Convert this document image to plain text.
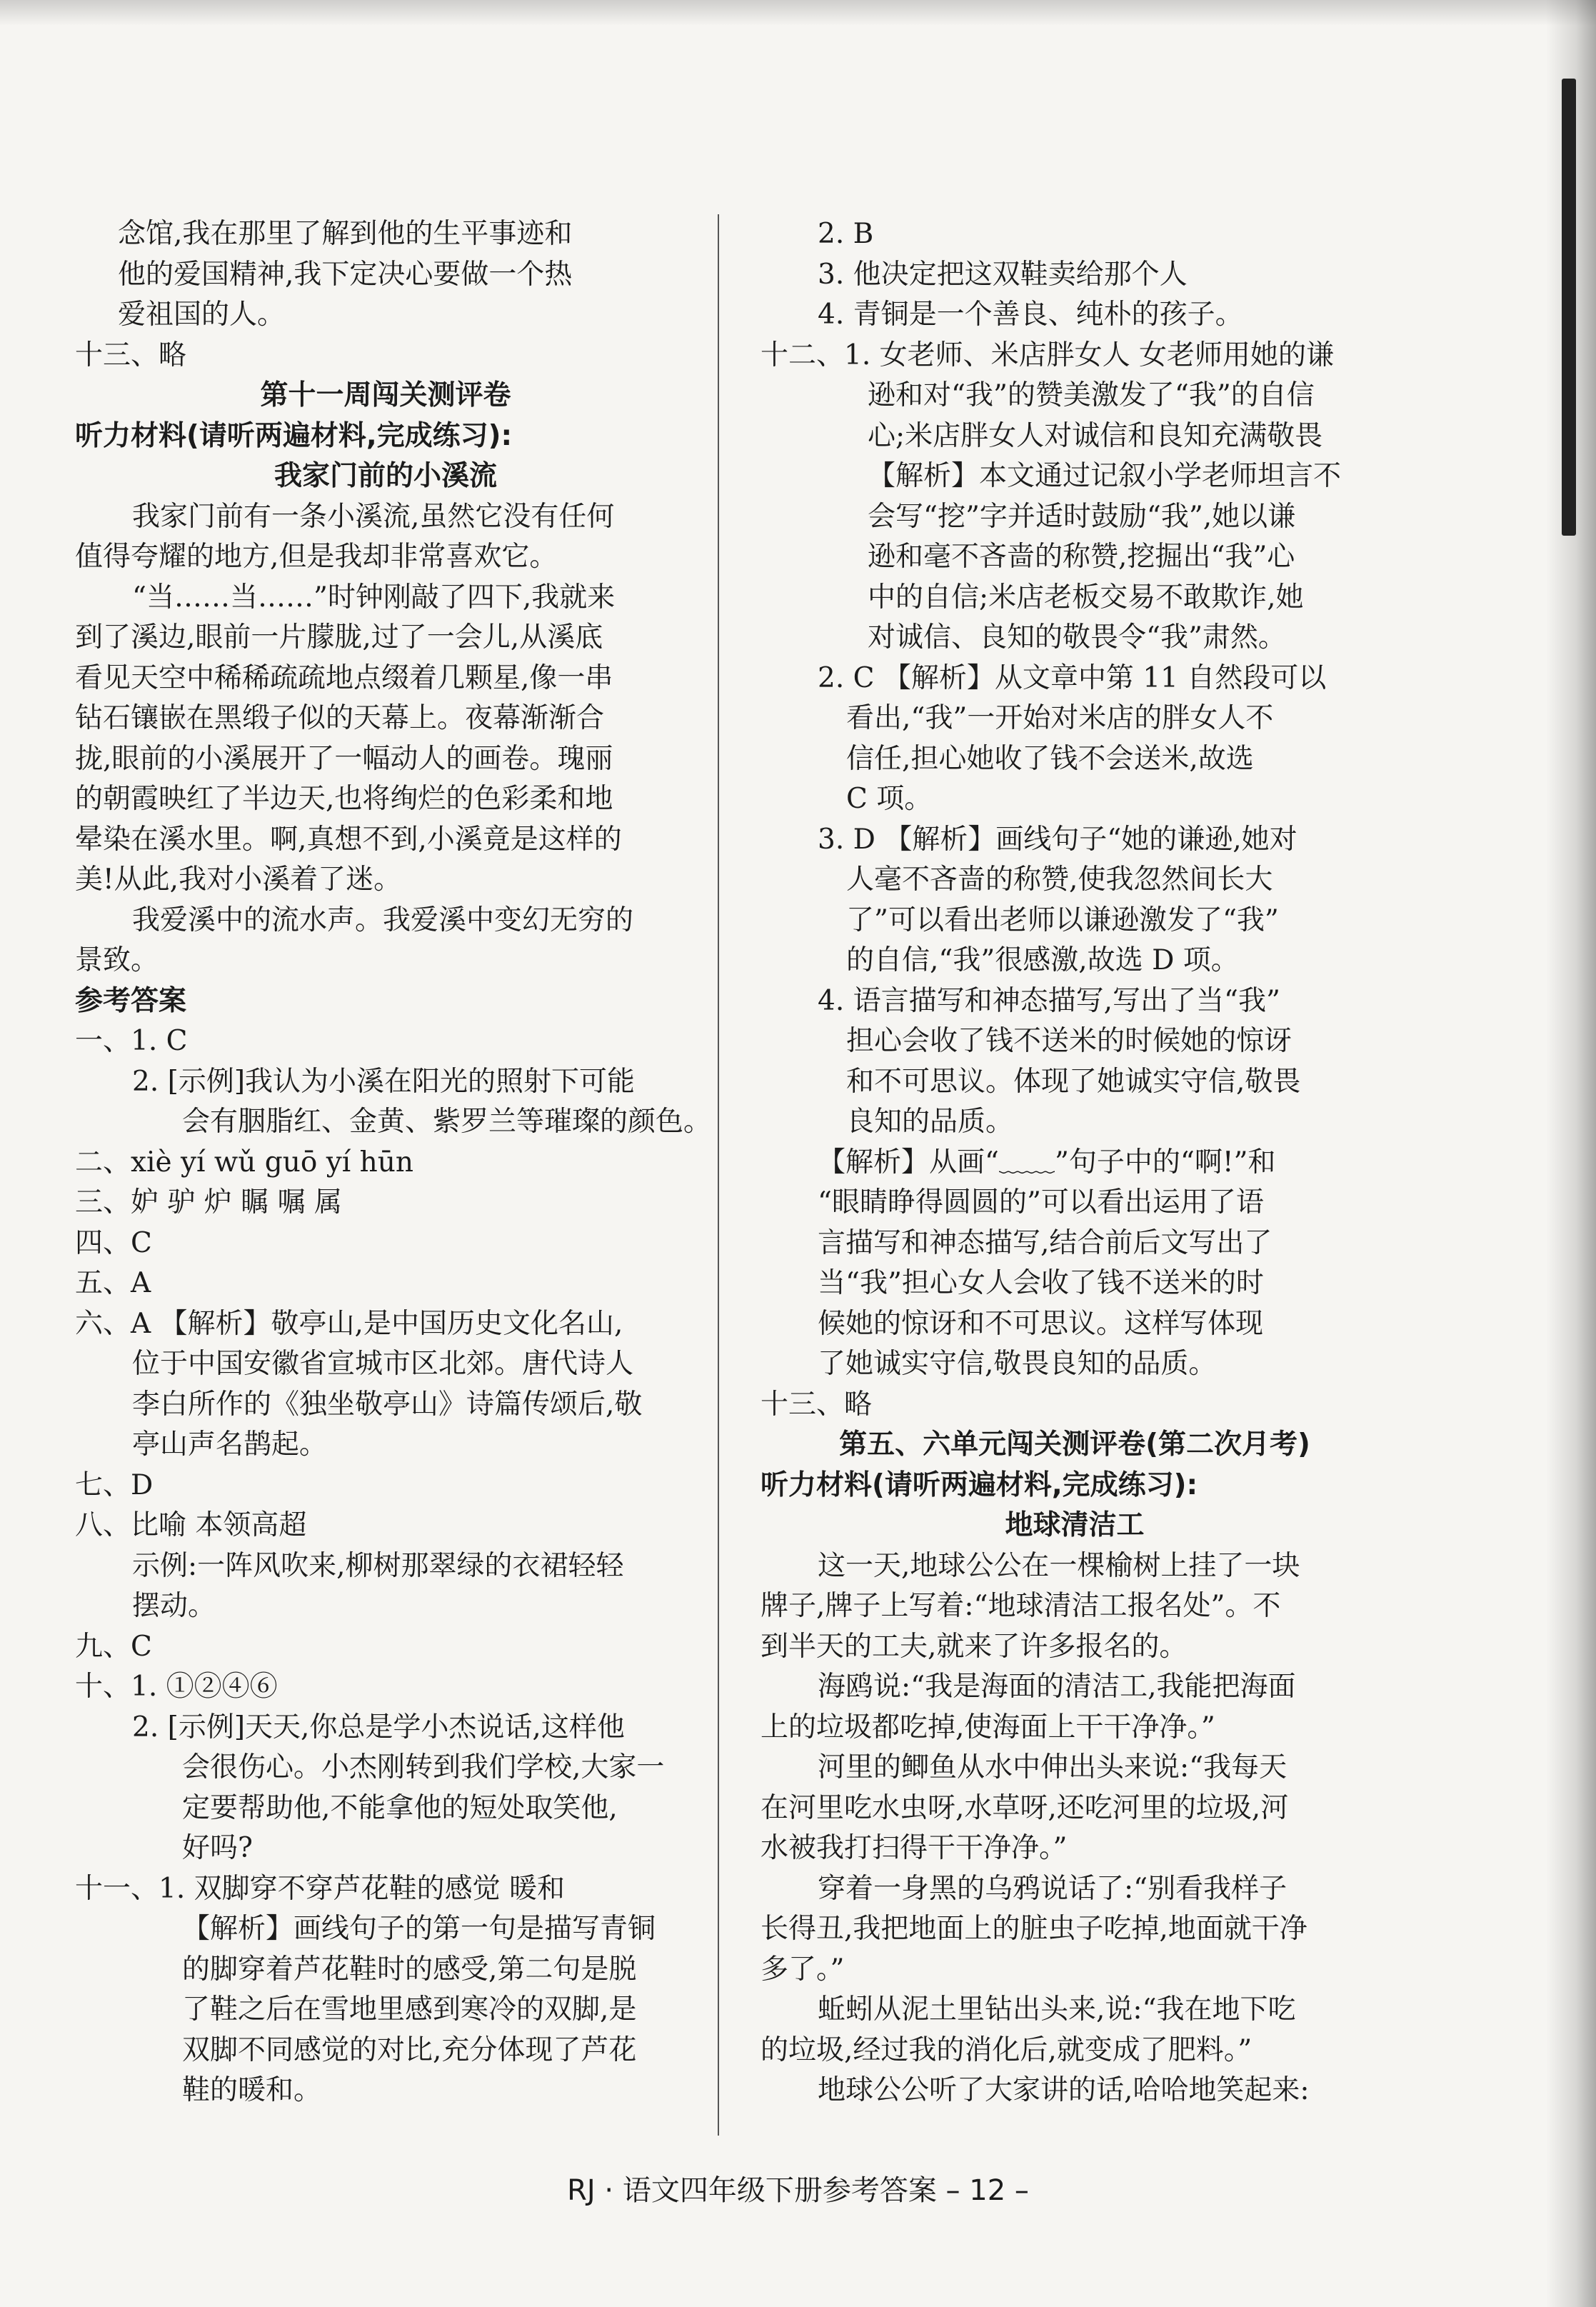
念馆,我在那里了解到他的生平事迹和
他的爱国精神,我下定决心要做一个热
爱祖国的人。
十三、略
第十一周闯关测评卷
听力材料(请听两遍材料,完成练习):
我家门前的小溪流
我家门前有一条小溪流,虽然它没有任何
值得夸耀的地方,但是我却非常喜欢它。
“当……当……”时钟刚敲了四下,我就来
到了溪边,眼前一片朦胧,过了一会儿,从溪底
看见天空中稀稀疏疏地点缀着几颗星,像一串
钻石镶嵌在黑缎子似的天幕上。夜幕渐渐合
拢,眼前的小溪展开了一幅动人的画卷。瑰丽
的朝霞映红了半边天,也将绚烂的色彩柔和地
晕染在溪水里。啊,真想不到,小溪竟是这样的
美!从此,我对小溪着了迷。
我爱溪中的流水声。我爱溪中变幻无穷的
景致。
参考答案
一、1. C
2. [示例]我认为小溪在阳光的照射下可能
会有胭脂红、金黄、紫罗兰等璀璨的颜色。
二、xiè yí wǔ guō yí hūn
三、妒 驴 炉 瞩 嘱 属
四、C
五、A
六、A 【解析】敬亭山,是中国历史文化名山,
位于中国安徽省宣城市区北郊。唐代诗人
李白所作的《独坐敬亭山》诗篇传颂后,敬
亭山声名鹊起。
七、D
八、比喻 本领高超
示例:一阵风吹来,柳树那翠绿的衣裙轻轻
摆动。
九、C
十、1. ①②④⑥
2. [示例]天天,你总是学小杰说话,这样他
会很伤心。小杰刚转到我们学校,大家一
定要帮助他,不能拿他的短处取笑他,
好吗?
十一、1. 双脚穿不穿芦花鞋的感觉 暖和
【解析】画线句子的第一句是描写青铜
的脚穿着芦花鞋时的感受,第二句是脱
了鞋之后在雪地里感到寒冷的双脚,是
双脚不同感觉的对比,充分体现了芦花
鞋的暖和。
2. B
3. 他决定把这双鞋卖给那个人
4. 青铜是一个善良、纯朴的孩子。
十二、1. 女老师、米店胖女人 女老师用她的谦
逊和对“我”的赞美激发了“我”的自信
心;米店胖女人对诚信和良知充满敬畏
【解析】本文通过记叙小学老师坦言不
会写“挖”字并适时鼓励“我”,她以谦
逊和毫不吝啬的称赞,挖掘出“我”心
中的自信;米店老板交易不敢欺诈,她
对诚信、良知的敬畏令“我”肃然。
2. C 【解析】从文章中第 11 自然段可以
看出,“我”一开始对米店的胖女人不
信任,担心她收了钱不会送米,故选
C 项。
3. D 【解析】画线句子“她的谦逊,她对
人毫不吝啬的称赞,使我忽然间长大
了”可以看出老师以谦逊激发了“我”
的自信,“我”很感激,故选 D 项。
4. 语言描写和神态描写,写出了当“我”
担心会收了钱不送米的时候她的惊讶
和不可思议。体现了她诚实守信,敬畏
良知的品质。
【解析】从画“﹏﹏”句子中的“啊!”和
“眼睛睁得圆圆的”可以看出运用了语
言描写和神态描写,结合前后文写出了
当“我”担心女人会收了钱不送米的时
候她的惊讶和不可思议。这样写体现
了她诚实守信,敬畏良知的品质。
十三、略
第五、六单元闯关测评卷(第二次月考)
听力材料(请听两遍材料,完成练习):
地球清洁工
这一天,地球公公在一棵榆树上挂了一块
牌子,牌子上写着:“地球清洁工报名处”。不
到半天的工夫,就来了许多报名的。
海鸥说:“我是海面的清洁工,我能把海面
上的垃圾都吃掉,使海面上干干净净。”
河里的鲫鱼从水中伸出头来说:“我每天
在河里吃水虫呀,水草呀,还吃河里的垃圾,河
水被我打扫得干干净净。”
穿着一身黑的乌鸦说话了:“别看我样子
长得丑,我把地面上的脏虫子吃掉,地面就干净
多了。”
蚯蚓从泥土里钻出头来,说:“我在地下吃
的垃圾,经过我的消化后,就变成了肥料。”
地球公公听了大家讲的话,哈哈地笑起来:
RJ · 语文四年级下册参考答案 – 12 –
